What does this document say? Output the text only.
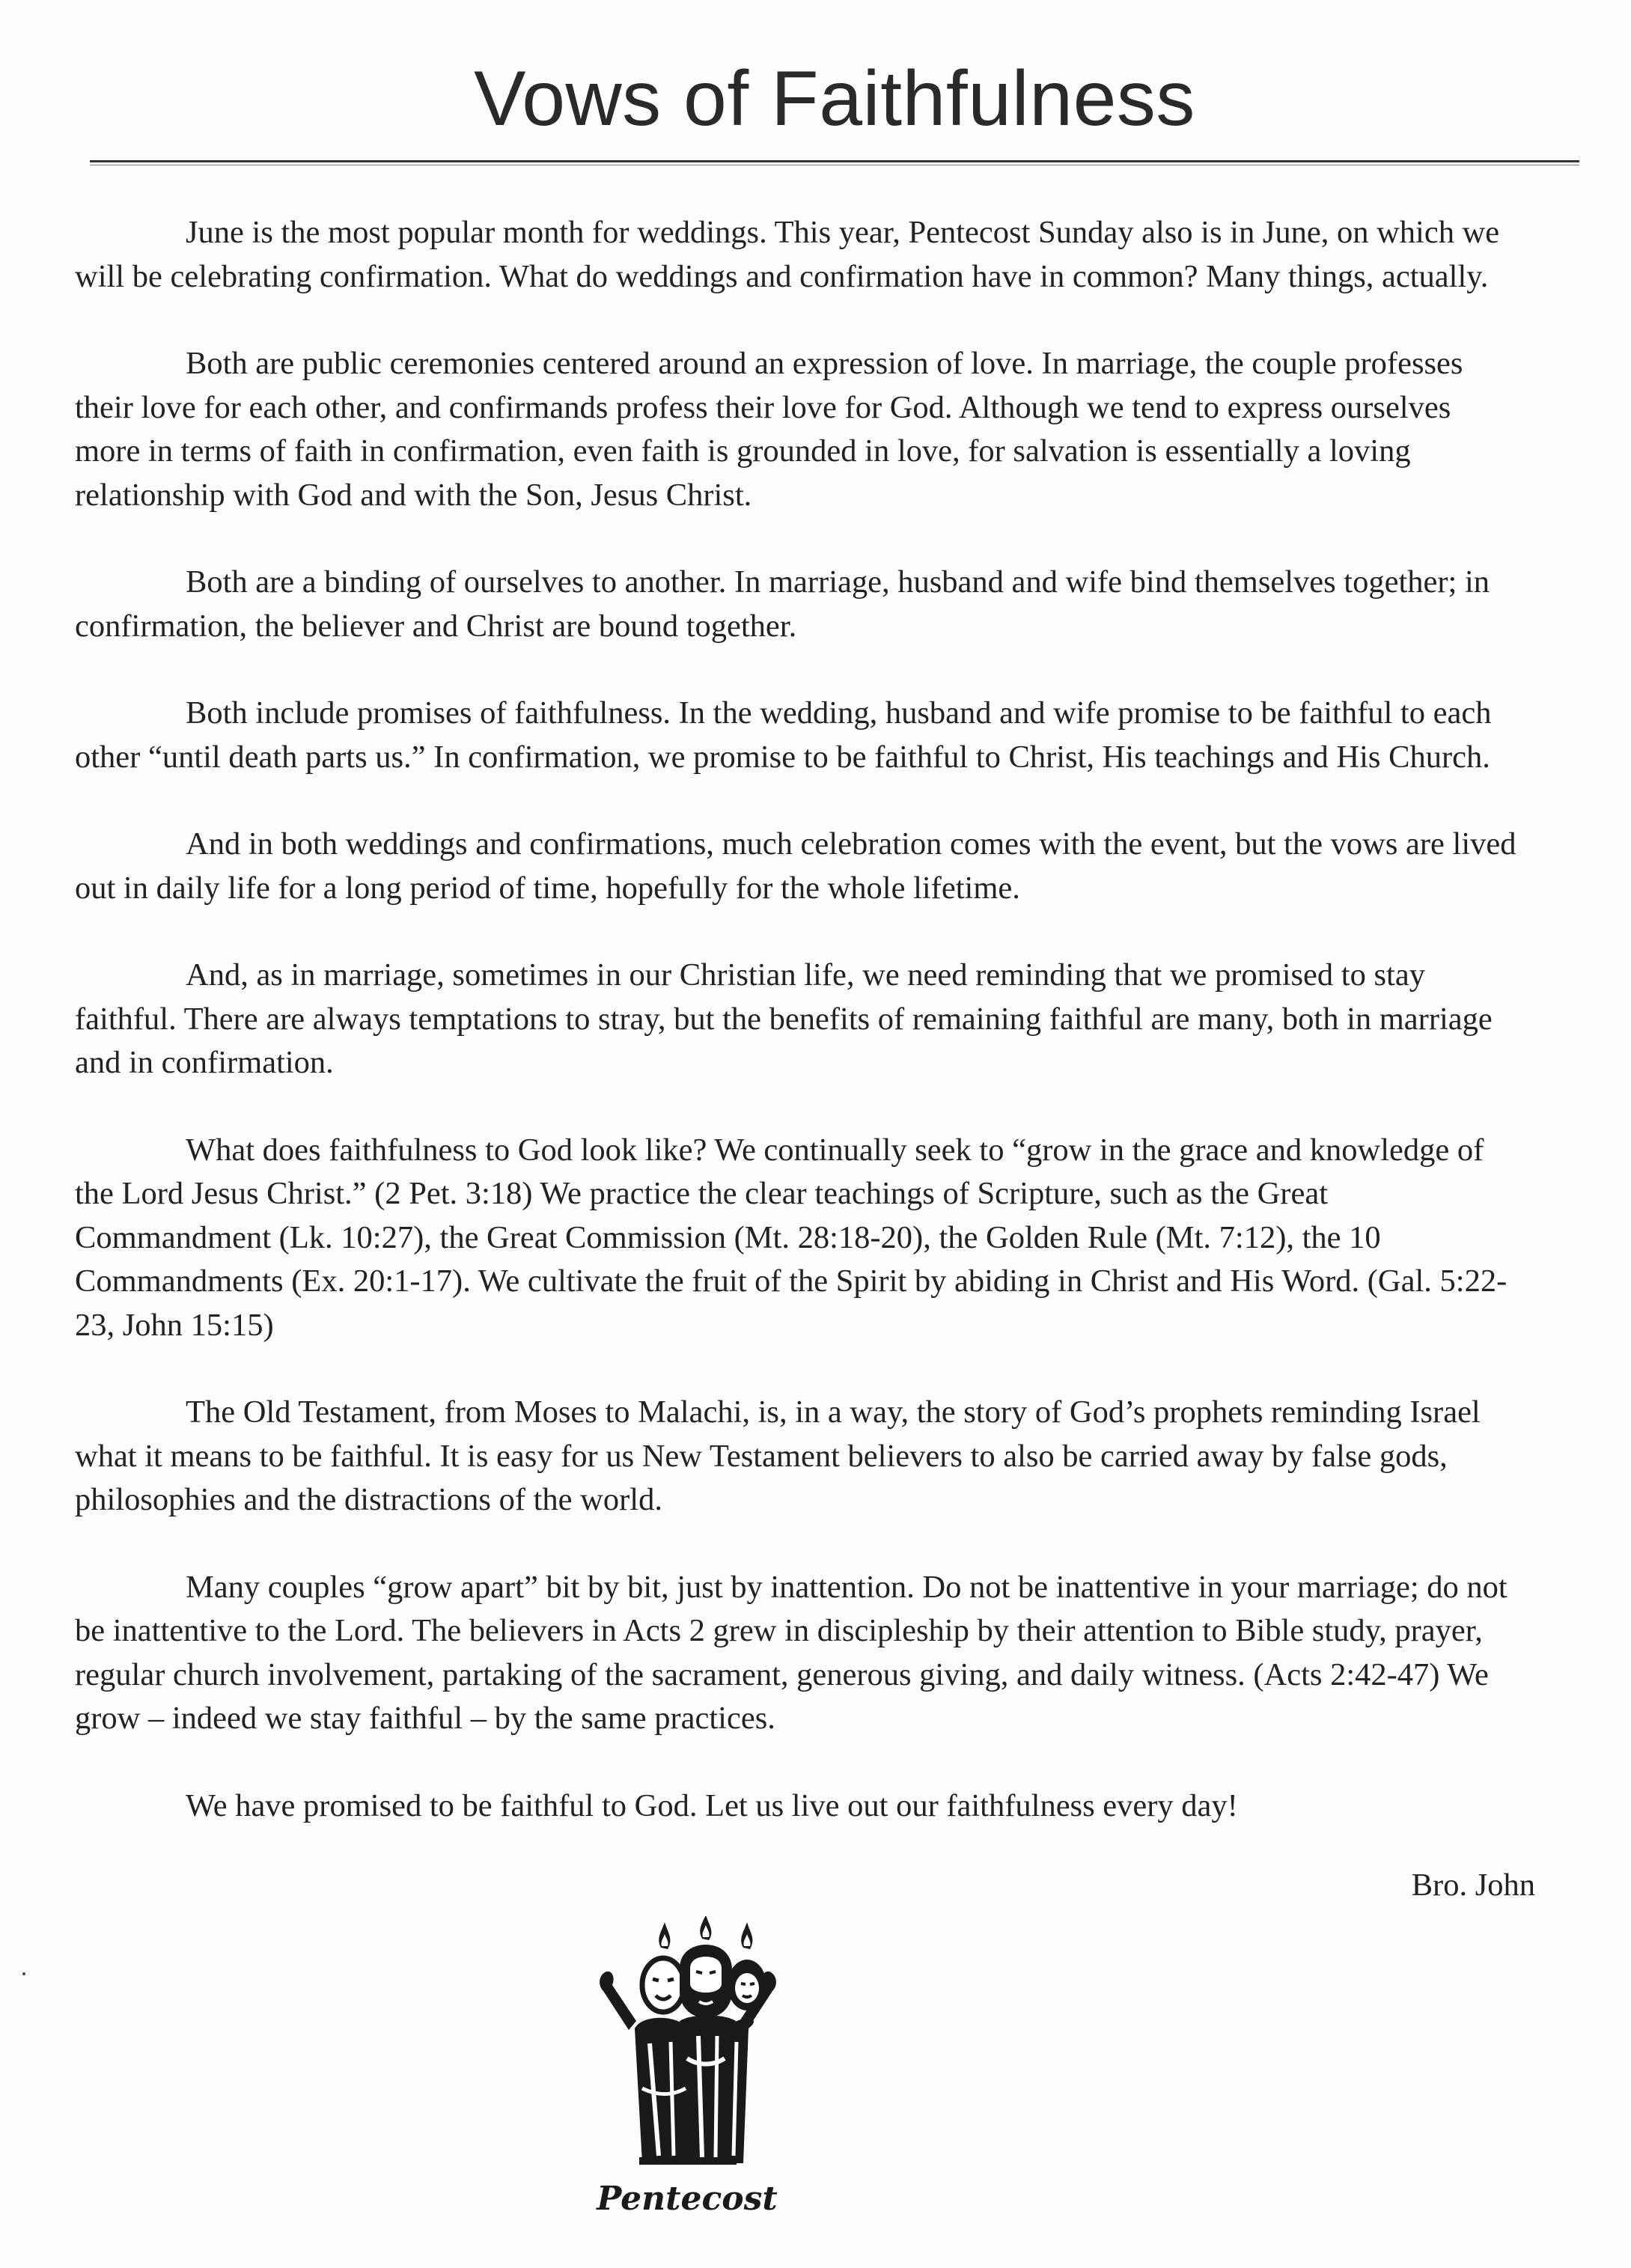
Vows of Faithfulness

June is the most popular month for weddings. This year, Pentecost Sunday also is in June, on which we will be celebrating confirmation. What do weddings and confirmation have in common? Many things, actually.

Both are public ceremonies centered around an expression of love. In marriage, the couple professes their love for each other, and confirmands profess their love for God. Although we tend to express ourselves more in terms of faith in confirmation, even faith is grounded in love, for salvation is essentially a loving relationship with God and with the Son, Jesus Christ.

Both are a binding of ourselves to another. In marriage, husband and wife bind themselves together; in confirmation, the believer and Christ are bound together.

Both include promises of faithfulness. In the wedding, husband and wife promise to be faithful to each other “until death parts us.” In confirmation, we promise to be faithful to Christ, His teachings and His Church.

And in both weddings and confirmations, much celebration comes with the event, but the vows are lived out in daily life for a long period of time, hopefully for the whole lifetime.

And, as in marriage, sometimes in our Christian life, we need reminding that we promised to stay faithful. There are always temptations to stray, but the benefits of remaining faithful are many, both in marriage and in confirmation.

What does faithfulness to God look like? We continually seek to “grow in the grace and knowledge of the Lord Jesus Christ.” (2 Pet. 3:18) We practice the clear teachings of Scripture, such as the Great Commandment (Lk. 10:27), the Great Commission (Mt. 28:18-20), the Golden Rule (Mt. 7:12), the 10 Commandments (Ex. 20:1-17). We cultivate the fruit of the Spirit by abiding in Christ and His Word. (Gal. 5:22-23, John 15:15)

The Old Testament, from Moses to Malachi, is, in a way, the story of God’s prophets reminding Israel what it means to be faithful. It is easy for us New Testament believers to also be carried away by false gods, philosophies and the distractions of the world.

Many couples “grow apart” bit by bit, just by inattention. Do not be inattentive in your marriage; do not be inattentive to the Lord. The believers in Acts 2 grew in discipleship by their attention to Bible study, prayer, regular church involvement, partaking of the sacrament, generous giving, and daily witness. (Acts 2:42-47) We grow – indeed we stay faithful – by the same practices.

We have promised to be faithful to God. Let us live out our faithfulness every day!

Bro. John
Pentecost
